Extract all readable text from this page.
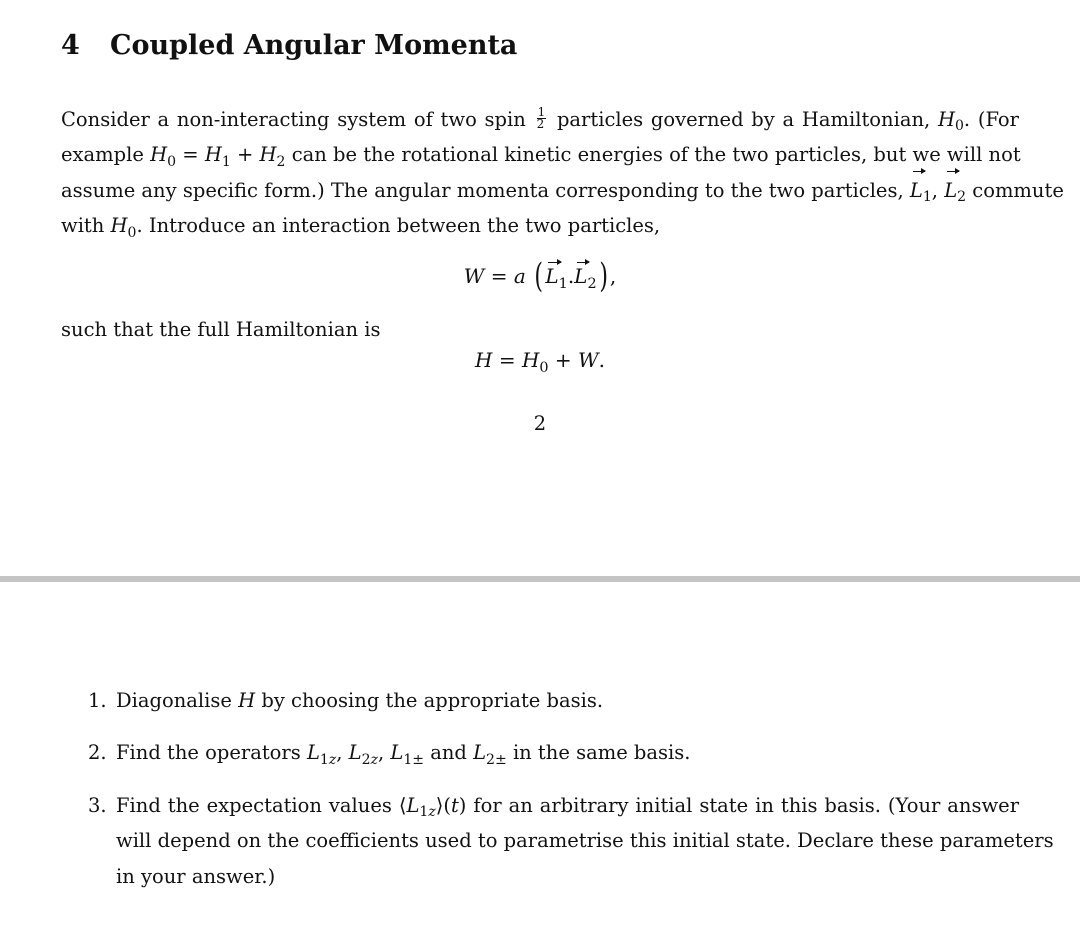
4 Coupled Angular Momenta
Consider a non-interacting system of two spin $\frac{1}{2}$ particles governed by a Hamiltonian, $H_0$. (For
example $H_0 = H_1 + H_2$ can be the rotational kinetic energies of the two particles, but we will not
assume any specific form.) The angular momenta corresponding to the two particles, $L_1$, $L_2$ commute
with $H_0$. Introduce an interaction between the two particles,
W = a ( $L_1.L_2$) ,
such that the full Hamiltonian is
$H = H_0 + W$.
2
1. Diagonalise H by choosing the appropriate basis.
2. Find the operators $L_{1z}$, $L_{2z}$, $L_{1\pm}$ and $L_{2\pm}$ in the same basis.
3. Find the expectation values $⟨L_{1z}⟩(t)$ for an arbitrary initial state in this basis. (Your answer
will depend on the coefficients used to parametrise this initial state. Declare these parameters
in your answer.)
